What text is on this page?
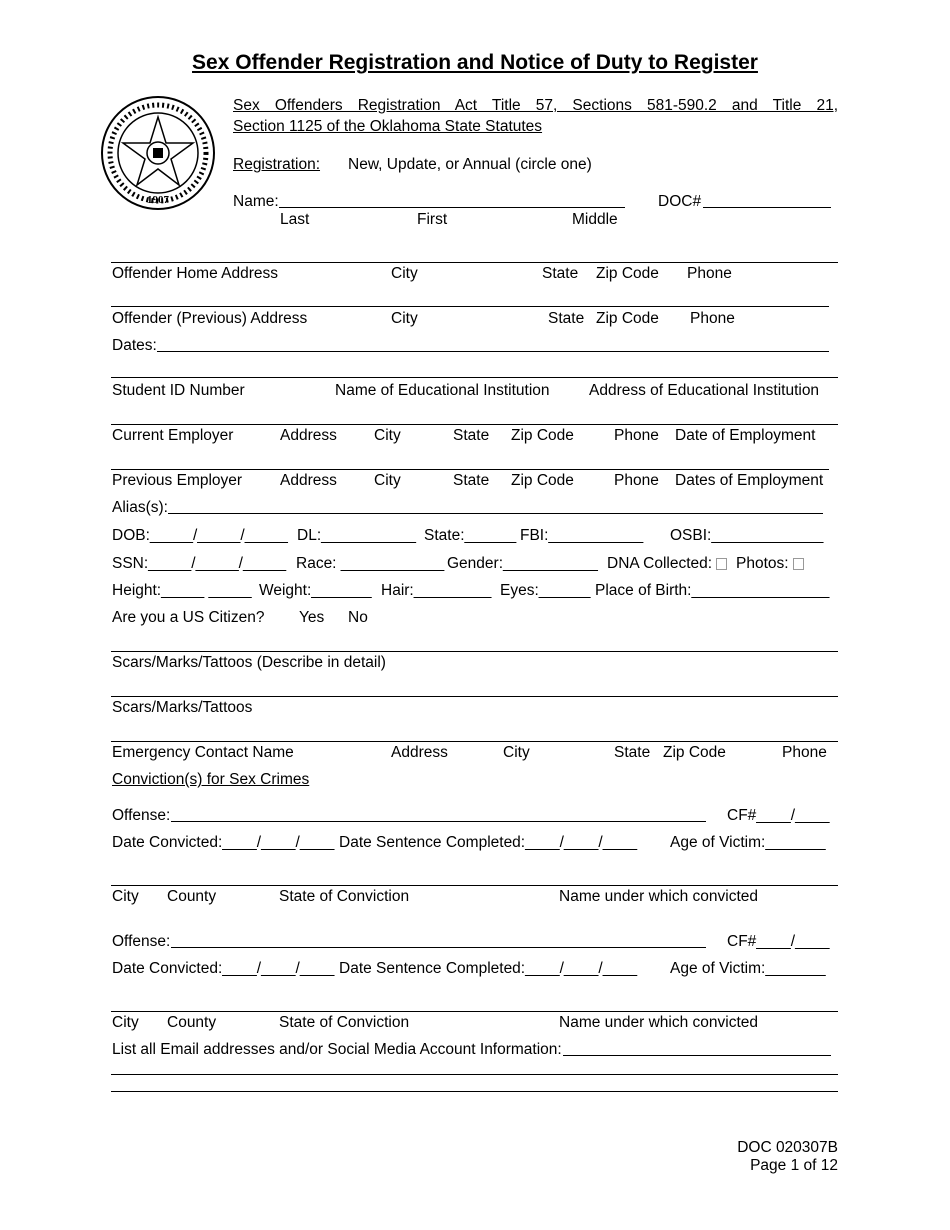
Sex Offender Registration and Notice of Duty to Register
1907
Sex Offenders Registration Act Title 57, Sections 581-590.2 and Title 21,
Section 1125 of the Oklahoma State Statutes
Registration: New, Update, or Annual (circle one)
Name:	DOC#
Last	First	Middle
Offender Home Address	City	State Zip Code Phone
Offender (Previous) Address	City	State Zip Code Phone
Dates:
Student ID Number	Name of Educational Institution	Address of Educational Institution
Current Employer	Address City	State Zip Code	Phone Date of Employment
Previous Employer Address City	State Zip Code	Phone Dates of Employment
Alias(s):
DOB:_____/_____/_____ DL:___________ State:______ FBI:___________ OSBI:_____________
SSN:_____/_____/_____ Race: ____________ Gender:___________ DNA Collected:	Photos:
Height:_____ _____ Weight:_______ Hair:_________ Eyes:______ Place of Birth:________________
Are you a US Citizen? Yes No
Scars/Marks/Tattoos (Describe in detail)
Scars/Marks/Tattoos
Emergency Contact Name	Address	City	State Zip Code	Phone
Conviction(s) for Sex Crimes
Offense:	CF#____/____
Date Convicted:____/____/____ Date Sentence Completed:____/____/____ Age of Victim:_______
City County	State of Conviction	Name under which convicted
Offense:	CF#____/____
Date Convicted:____/____/____ Date Sentence Completed:____/____/____ Age of Victim:_______
City County	State of Conviction	Name under which convicted
List all Email addresses and/or Social Media Account Information:
DOC 020307B
Page 1 of 12
